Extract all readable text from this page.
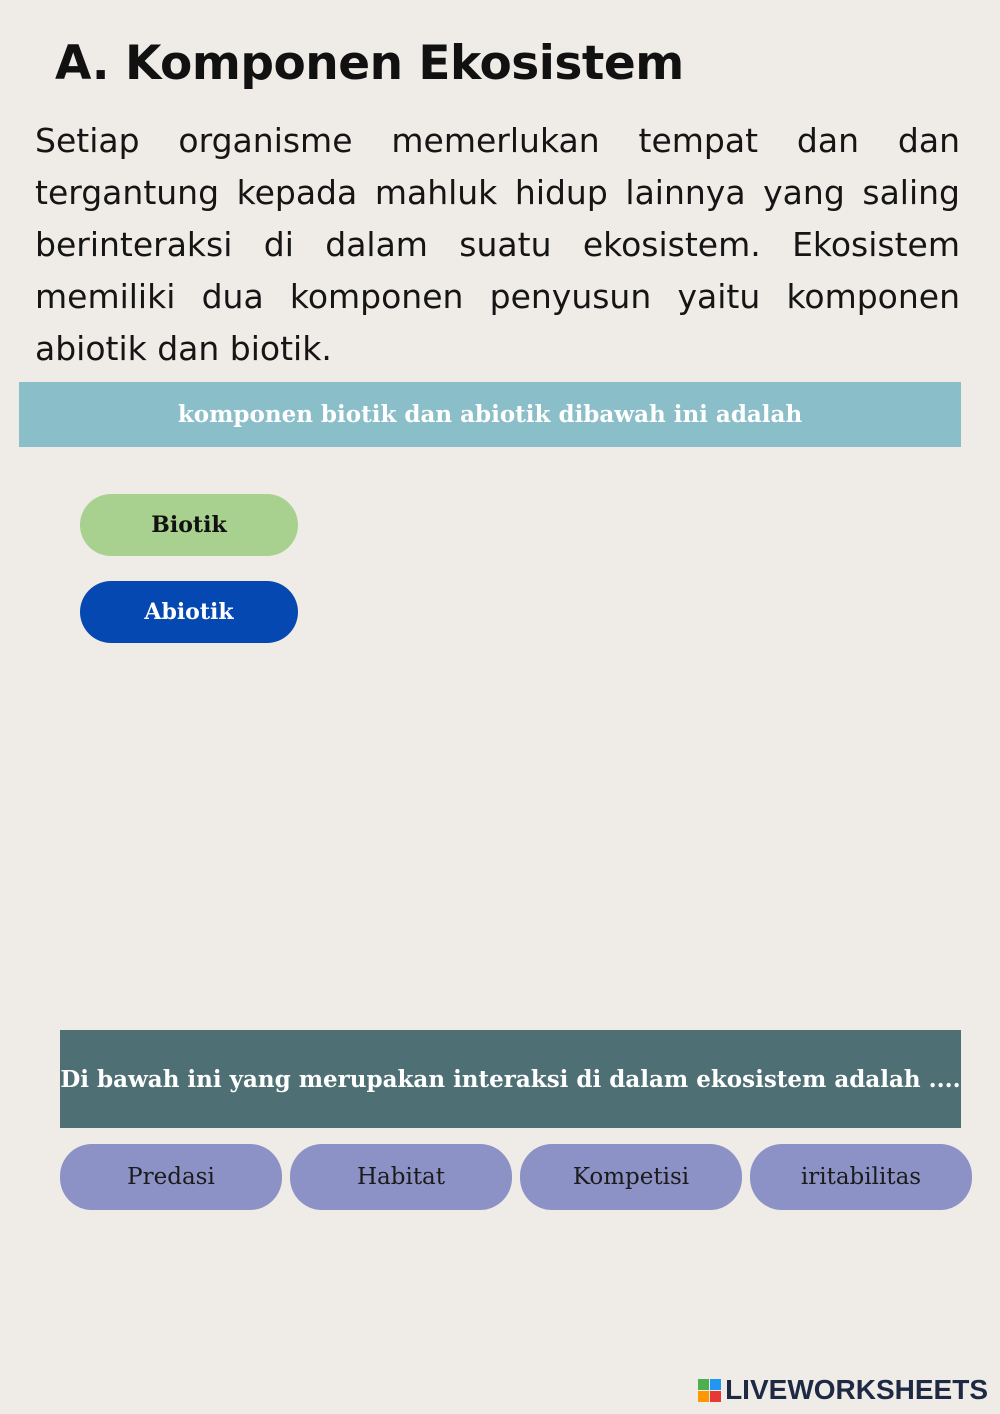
A. Komponen Ekosistem

Setiap organisme memerlukan tempat dan dan tergantung kepada mahluk hidup lainnya yang saling berinteraksi di dalam suatu ekosistem. Ekosistem memiliki dua komponen penyusun yaitu komponen abiotik dan biotik.

komponen biotik dan abiotik dibawah ini adalah
Biotik
Abiotik
Di bawah ini yang merupakan interaksi di dalam ekosistem adalah ....
Predasi	Habitat	Kompetisi	iritabilitas
LIVEWORKSHEETS
